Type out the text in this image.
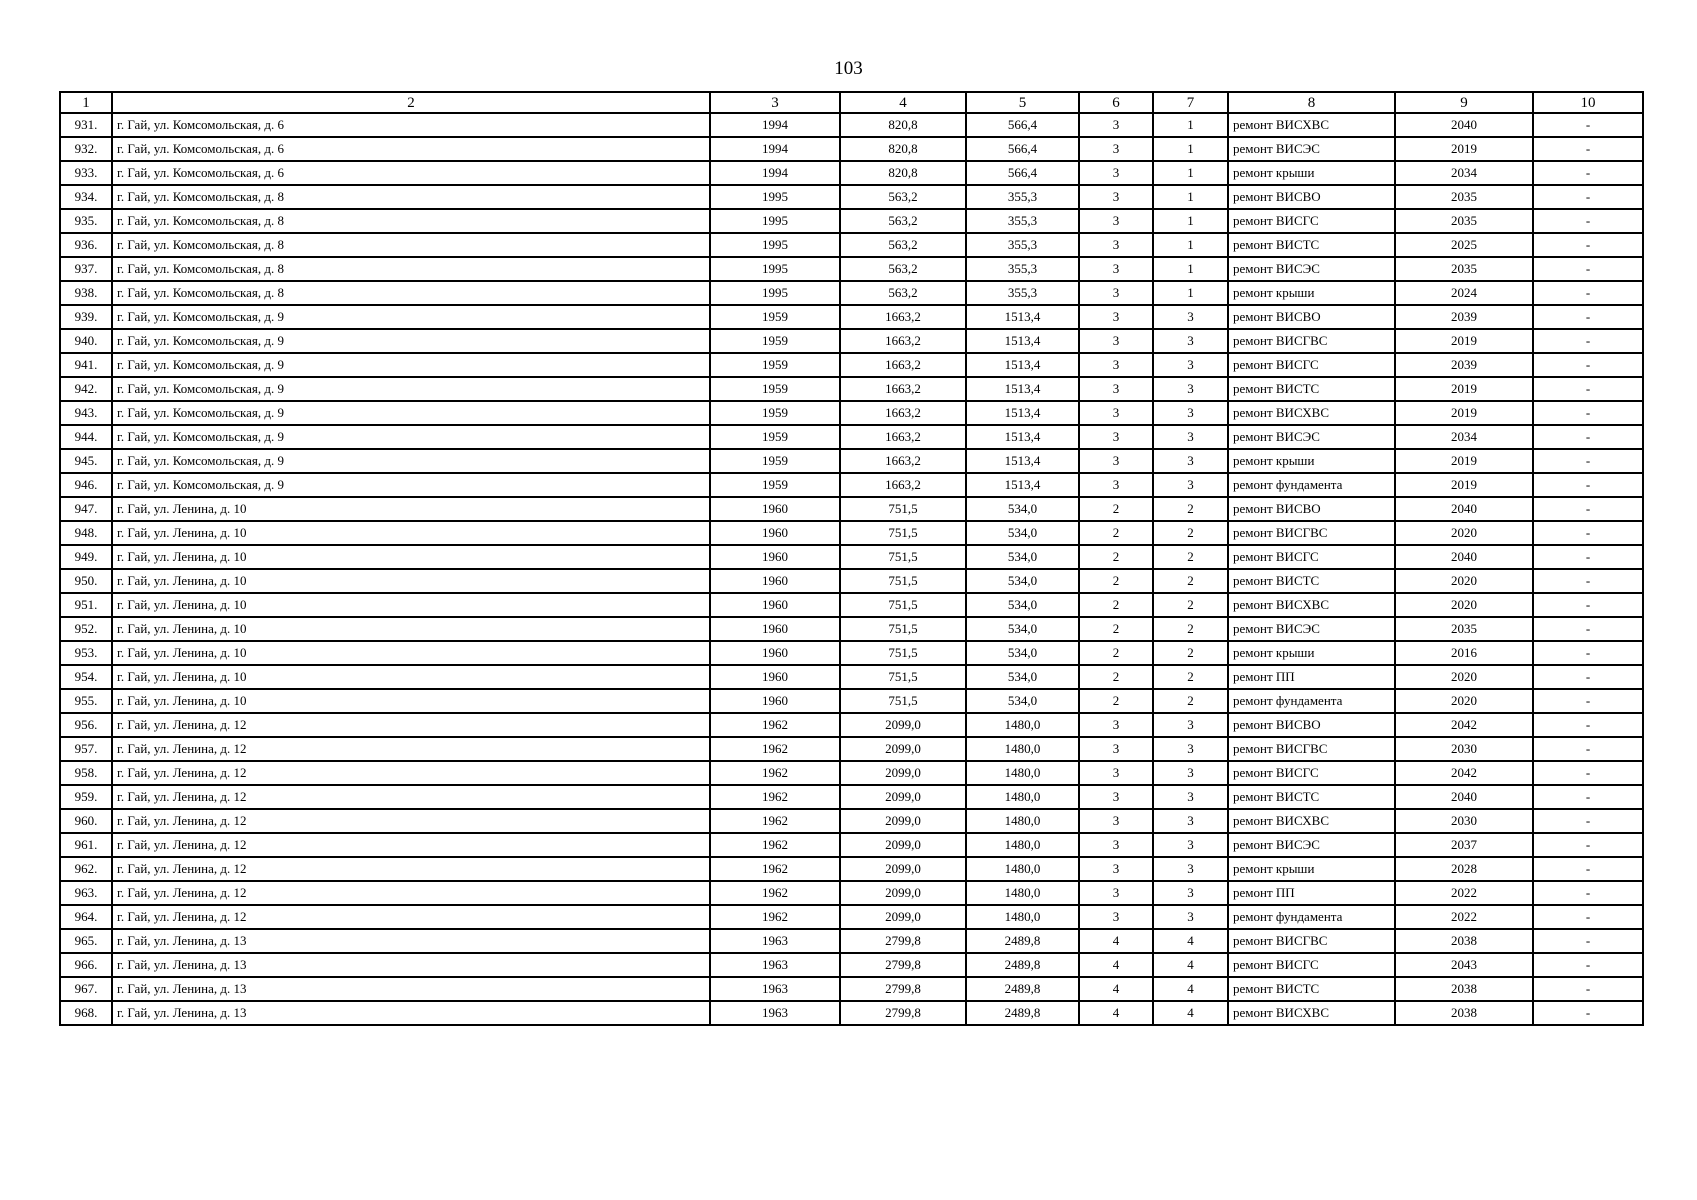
103
1	2	3	4	5	6	7	8	9	10
931.	г. Гай, ул. Комсомольская, д. 6	1994	820,8	566,4	3	1	ремонт ВИСХВС	2040	-
932.	г. Гай, ул. Комсомольская, д. 6	1994	820,8	566,4	3	1	ремонт ВИСЭС	2019	-
933.	г. Гай, ул. Комсомольская, д. 6	1994	820,8	566,4	3	1	ремонт крыши	2034	-
934.	г. Гай, ул. Комсомольская, д. 8	1995	563,2	355,3	3	1	ремонт ВИСВО	2035	-
935.	г. Гай, ул. Комсомольская, д. 8	1995	563,2	355,3	3	1	ремонт ВИСГС	2035	-
936.	г. Гай, ул. Комсомольская, д. 8	1995	563,2	355,3	3	1	ремонт ВИСТС	2025	-
937.	г. Гай, ул. Комсомольская, д. 8	1995	563,2	355,3	3	1	ремонт ВИСЭС	2035	-
938.	г. Гай, ул. Комсомольская, д. 8	1995	563,2	355,3	3	1	ремонт крыши	2024	-
939.	г. Гай, ул. Комсомольская, д. 9	1959	1663,2	1513,4	3	3	ремонт ВИСВО	2039	-
940.	г. Гай, ул. Комсомольская, д. 9	1959	1663,2	1513,4	3	3	ремонт ВИСГВС	2019	-
941.	г. Гай, ул. Комсомольская, д. 9	1959	1663,2	1513,4	3	3	ремонт ВИСГС	2039	-
942.	г. Гай, ул. Комсомольская, д. 9	1959	1663,2	1513,4	3	3	ремонт ВИСТС	2019	-
943.	г. Гай, ул. Комсомольская, д. 9	1959	1663,2	1513,4	3	3	ремонт ВИСХВС	2019	-
944.	г. Гай, ул. Комсомольская, д. 9	1959	1663,2	1513,4	3	3	ремонт ВИСЭС	2034	-
945.	г. Гай, ул. Комсомольская, д. 9	1959	1663,2	1513,4	3	3	ремонт крыши	2019	-
946.	г. Гай, ул. Комсомольская, д. 9	1959	1663,2	1513,4	3	3	ремонт фундамента	2019	-
947.	г. Гай, ул. Ленина, д. 10	1960	751,5	534,0	2	2	ремонт ВИСВО	2040	-
948.	г. Гай, ул. Ленина, д. 10	1960	751,5	534,0	2	2	ремонт ВИСГВС	2020	-
949.	г. Гай, ул. Ленина, д. 10	1960	751,5	534,0	2	2	ремонт ВИСГС	2040	-
950.	г. Гай, ул. Ленина, д. 10	1960	751,5	534,0	2	2	ремонт ВИСТС	2020	-
951.	г. Гай, ул. Ленина, д. 10	1960	751,5	534,0	2	2	ремонт ВИСХВС	2020	-
952.	г. Гай, ул. Ленина, д. 10	1960	751,5	534,0	2	2	ремонт ВИСЭС	2035	-
953.	г. Гай, ул. Ленина, д. 10	1960	751,5	534,0	2	2	ремонт крыши	2016	-
954.	г. Гай, ул. Ленина, д. 10	1960	751,5	534,0	2	2	ремонт ПП	2020	-
955.	г. Гай, ул. Ленина, д. 10	1960	751,5	534,0	2	2	ремонт фундамента	2020	-
956.	г. Гай, ул. Ленина, д. 12	1962	2099,0	1480,0	3	3	ремонт ВИСВО	2042	-
957.	г. Гай, ул. Ленина, д. 12	1962	2099,0	1480,0	3	3	ремонт ВИСГВС	2030	-
958.	г. Гай, ул. Ленина, д. 12	1962	2099,0	1480,0	3	3	ремонт ВИСГС	2042	-
959.	г. Гай, ул. Ленина, д. 12	1962	2099,0	1480,0	3	3	ремонт ВИСТС	2040	-
960.	г. Гай, ул. Ленина, д. 12	1962	2099,0	1480,0	3	3	ремонт ВИСХВС	2030	-
961.	г. Гай, ул. Ленина, д. 12	1962	2099,0	1480,0	3	3	ремонт ВИСЭС	2037	-
962.	г. Гай, ул. Ленина, д. 12	1962	2099,0	1480,0	3	3	ремонт крыши	2028	-
963.	г. Гай, ул. Ленина, д. 12	1962	2099,0	1480,0	3	3	ремонт ПП	2022	-
964.	г. Гай, ул. Ленина, д. 12	1962	2099,0	1480,0	3	3	ремонт фундамента	2022	-
965.	г. Гай, ул. Ленина, д. 13	1963	2799,8	2489,8	4	4	ремонт ВИСГВС	2038	-
966.	г. Гай, ул. Ленина, д. 13	1963	2799,8	2489,8	4	4	ремонт ВИСГС	2043	-
967.	г. Гай, ул. Ленина, д. 13	1963	2799,8	2489,8	4	4	ремонт ВИСТС	2038	-
968.	г. Гай, ул. Ленина, д. 13	1963	2799,8	2489,8	4	4	ремонт ВИСХВС	2038	-
